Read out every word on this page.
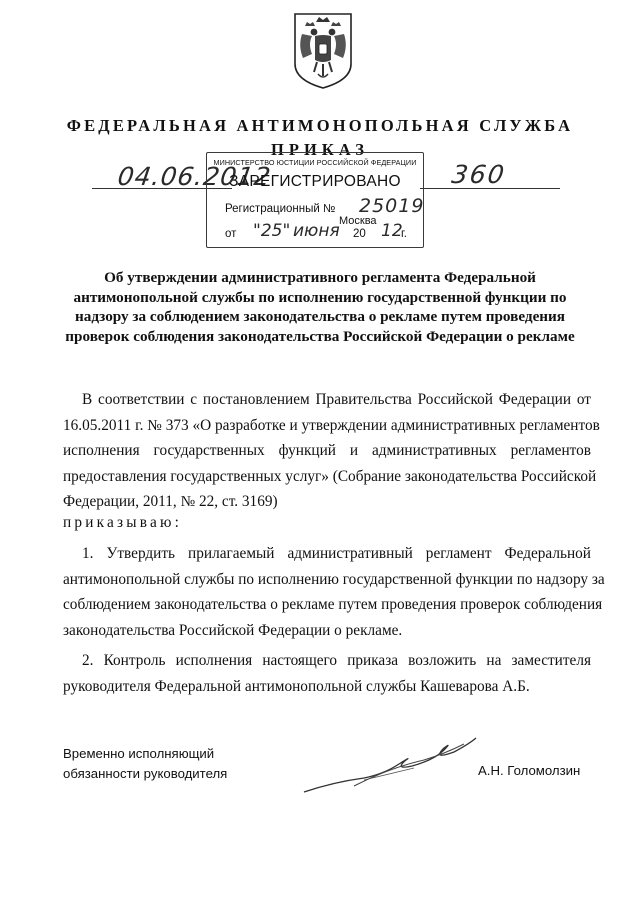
ФЕДЕРАЛЬНАЯ АНТИМОНОПОЛЬНАЯ СЛУЖБА
ПРИКАЗ
04.06.2012	360
МИНИСТЕРСТВО ЮСТИЦИИ РОССИЙСКОЙ ФЕДЕРАЦИИ
ЗАРЕГИСТРИРОВАНО
Регистрационный № 25019
Москва
от "25" июня 20 12
г.
Об утверждении административного регламента Федеральной
антимонопольной службы по исполнению государственной функции по
надзору за соблюдением законодательства о рекламе путем проведения
проверок соблюдения законодательства Российской Федерации о рекламе
В соответствии с постановлением Правительства Российской Федерации от
16.05.2011 г. № 373 «О разработке и утверждении административных регламентов
исполнения государственных функций и административных регламентов
предоставления государственных услуг» (Собрание законодательства Российской
Федерации, 2011, № 22, ст. 3169)
приказываю:
1. Утвердить прилагаемый административный регламент Федеральной
антимонопольной службы по исполнению государственной функции по надзору за
соблюдением законодательства о рекламе путем проведения проверок соблюдения
законодательства Российской Федерации о рекламе.
2. Контроль исполнения настоящего приказа возложить на заместителя
руководителя Федеральной антимонопольной службы Кашеварова А.Б.
Временно исполняющий
обязанности руководителя	А.Н. Голомолзин
